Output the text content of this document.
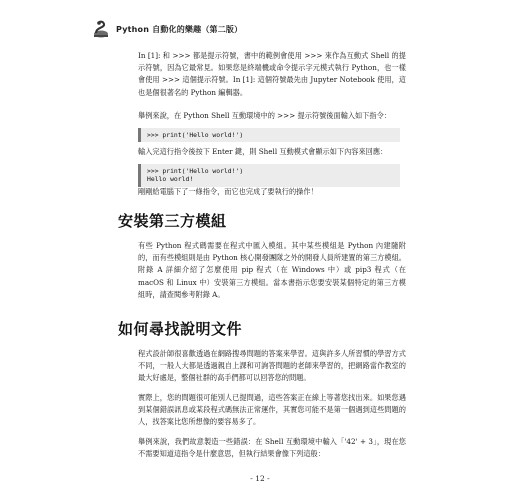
Python 自動化的樂趣（第二版）

In [1]: 和 >>> 都是提示符號，書中的範例會使用 >>> 來作為互動式 Shell 的提示符號，因為它最常見。如果您是終端機或命令提示字元模式執行 Python，也一樣會使用 >>> 這個提示符號。In [1]: 這個符號最先由 Jupyter Notebook 使用，這也是個很著名的 Python 編輯器。

舉例來說，在 Python Shell 互動環境中的 >>> 提示符號後面輸入如下指令：

>>> print('Hello world!')

輸入完這行指令後按下 Enter 鍵，則 Shell 互動模式會顯示如下內容來回應：

>>> print('Hello world!')
Hello world!

剛剛給電腦下了一條指令，而它也完成了要執行的操作！

安裝第三方模組

有些 Python 程式碼需要在程式中匯入模組。其中某些模組是 Python 內建隨附的，而有些模組則是由 Python 核心開發團隊之外的開發人員所建置的第三方模組。附錄 A 詳細介紹了怎麼使用 pip 程式（在 Windows 中）或 pip3 程式（在 macOS 和 Linux 中）安裝第三方模組。當本書指示您要安裝某個特定的第三方模組時，請查閱參考附錄 A。

如何尋找說明文件

程式設計師很喜歡透過在網路搜尋問題的答案來學習。這與許多人所習慣的學習方式不同，一般人大都是透過親自上課和可詢答問題的老師來學習的，把網路當作教室的最大好處是，整個社群的高手們都可以回答您的問題。

實際上，您的問題很可能別人已提問過，這些答案正在線上等著您找出來。如果您遇到某個錯誤訊息或某段程式碼無法正常運作，其實您可能不是第一個遇到這些問題的人，找答案比您所想像的要容易多了。

舉例來說，我們故意製造一些錯誤：在 Shell 互動環境中輸入「'42' + 3」，現在您不需要知道這指令是什麼意思，但執行結果會像下列這般：

- 12 -
